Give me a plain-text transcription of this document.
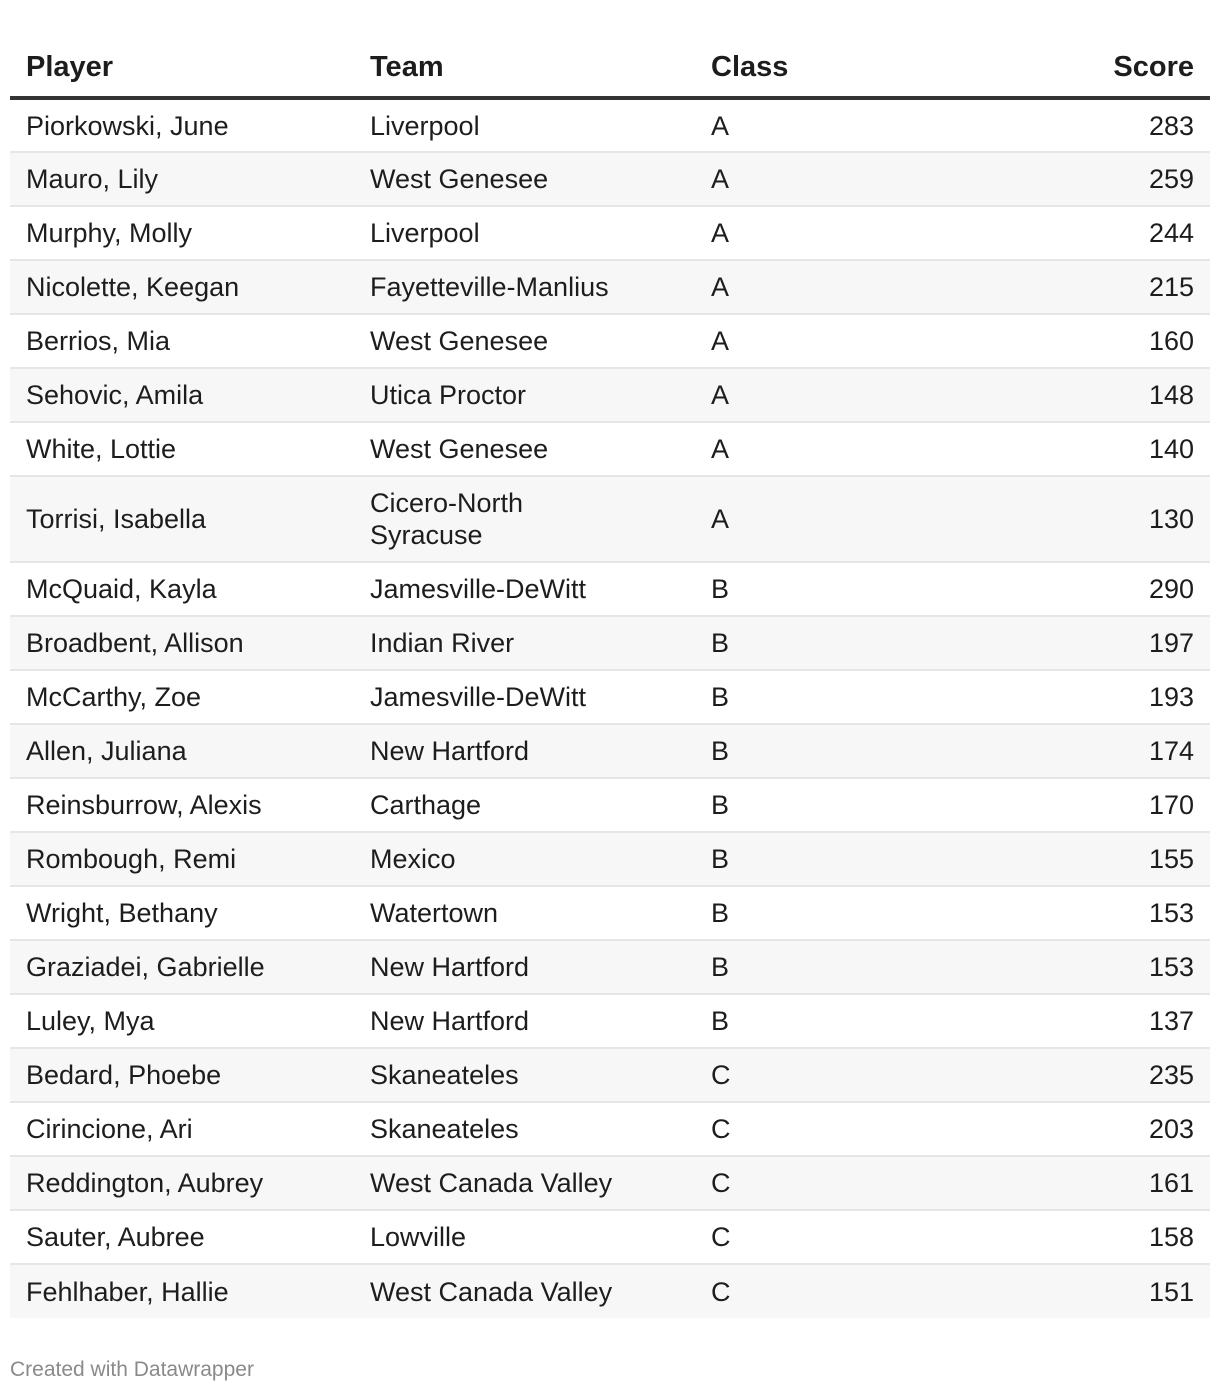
Player	Team	Class	Score
Piorkowski, June	Liverpool	A	283
Mauro, Lily	West Genesee	A	259
Murphy, Molly	Liverpool	A	244
Nicolette, Keegan	Fayetteville-Manlius	A	215
Berrios, Mia	West Genesee	A	160
Sehovic, Amila	Utica Proctor	A	148
White, Lottie	West Genesee	A	140
Torrisi, Isabella	Cicero-North Syracuse	A	130
McQuaid, Kayla	Jamesville-DeWitt	B	290
Broadbent, Allison	Indian River	B	197
McCarthy, Zoe	Jamesville-DeWitt	B	193
Allen, Juliana	New Hartford	B	174
Reinsburrow, Alexis	Carthage	B	170
Rombough, Remi	Mexico	B	155
Wright, Bethany	Watertown	B	153
Graziadei, Gabrielle	New Hartford	B	153
Luley, Mya	New Hartford	B	137
Bedard, Phoebe	Skaneateles	C	235
Cirincione, Ari	Skaneateles	C	203
Reddington, Aubrey	West Canada Valley	C	161
Sauter, Aubree	Lowville	C	158
Fehlhaber, Hallie	West Canada Valley	C	151
Created with Datawrapper
